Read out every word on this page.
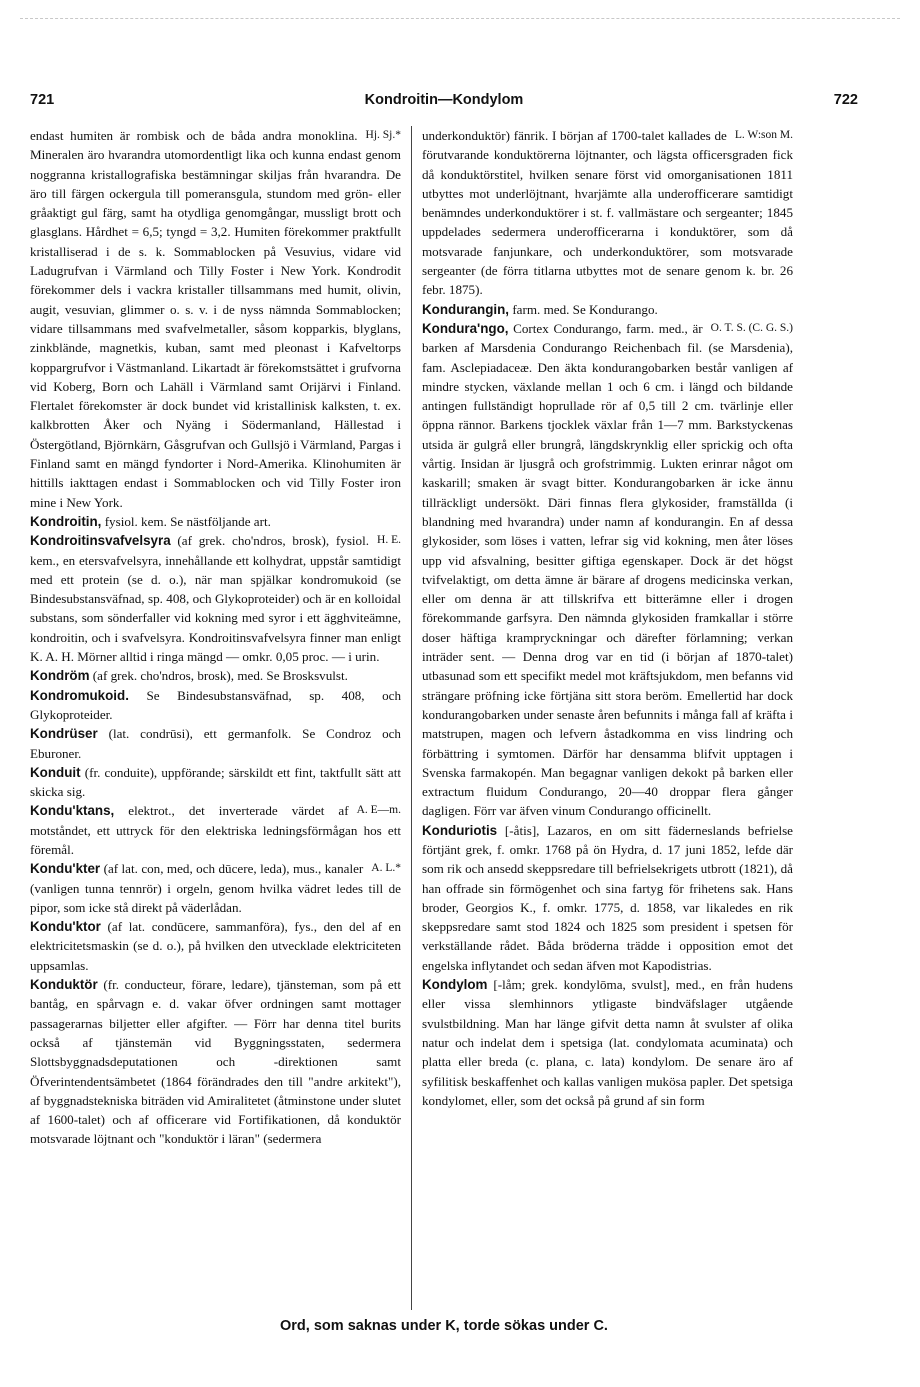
721	Kondroitin—Kondylom	722

Hj. Sj.*
endast humiten är rombisk och de båda andra monoklina. Mineralen äro hvarandra utomordentligt lika och kunna endast genom noggranna kristallografiska bestämningar skiljas från hvarandra. De äro till färgen ockergula till pomeransgula, stundom med grön- eller gråaktigt gul färg, samt ha otydliga genomgångar, mussligt brott och glasglans. Hårdhet = 6,5; tyngd = 3,2. Humiten förekommer praktfullt kristalliserad i de s. k. Sommablocken på Vesuvius, vidare vid Ladugrufvan i Värmland och Tilly Foster i New York. Kondrodit förekommer dels i vackra kristaller tillsammans med humit, olivin, augit, vesuvian, glimmer o. s. v. i de nyss nämnda Sommablocken; vidare tillsammans med svafvelmetaller, såsom kopparkis, blyglans, zinkblände, magnetkis, kuban, samt med pleonast i Kafveltorps koppargrufvor i Västmanland. Likartadt är förekomstsättet i grufvorna vid Koberg, Born och Lahäll i Värmland samt Orijärvi i Finland. Flertalet förekomster är dock bundet vid kristallinisk kalksten, t. ex. kalkbrotten Åker och Nyäng i Södermanland, Hällestad i Östergötland, Björnkärn, Gåsgrufvan och Gullsjö i Värmland, Pargas i Finland samt en mängd fyndorter i Nord-Amerika. Klinohumiten är hittills iakttagen endast i Sommablocken och vid Tilly Foster iron mine i New York.

Kondroitin, fysiol. kem. Se nästföljande art.

H. E.
Kondroitinsvafvelsyra (af grek. cho'ndros, brosk), fysiol. kem., en etersvafvelsyra, innehållande ett kolhydrat, uppstår samtidigt med ett protein (se d. o.), när man spjälkar kondromukoid (se Bindesubstansväfnad, sp. 408, och Glykoproteider) och är en kolloidal substans, som sönderfaller vid kokning med syror i ett ägghviteämne, kondroitin, och i svafvelsyra. Kondroitinsvafvelsyra finner man enligt K. A. H. Mörner alltid i ringa mängd — omkr. 0,05 proc. — i urin.

Kondröm (af grek. cho'ndros, brosk), med. Se Brosksvulst.

Kondromukoid. Se Bindesubstansväfnad, sp. 408, och Glykoproteider.

Kondrüser (lat. condrūsi), ett germanfolk. Se Condroz och Eburoner.

Konduit (fr. conduite), uppförande; särskildt ett fint, taktfullt sätt att skicka sig.

A. E—m.
Kondu'ktans, elektrot., det inverterade värdet af motståndet, ett uttryck för den elektriska ledningsförmågan hos ett föremål.

A. L.*
Kondu'kter (af lat. con, med, och dūcere, leda), mus., kanaler (vanligen tunna tennrör) i orgeln, genom hvilka vädret ledes till de pipor, som icke stå direkt på väderlådan.

Kondu'ktor (af lat. condūcere, sammanföra), fys., den del af en elektricitetsmaskin (se d. o.), på hvilken den utvecklade elektriciteten uppsamlas.

Konduktör (fr. conducteur, förare, ledare), tjänsteman, som på ett bantåg, en spårvagn e. d. vakar öfver ordningen samt mottager passagerarnas biljetter eller afgifter. — Förr har denna titel burits också af tjänstemän vid Byggningsstaten, sedermera Slottsbyggnadsdeputationen och -direktionen samt Öfverintendentsämbetet (1864 förändrades den till "andre arkitekt"), af byggnadstekniska biträden vid Amiralitetet (åtminstone under slutet af 1600-talet) och af officerare vid Fortifikationen, då konduktör motsvarade löjtnant och "konduktör i läran" (sedermera

L. W:son M.
underkonduktör) fänrik. I början af 1700-talet kallades de förutvarande konduktörerna löjtnanter, och lägsta officersgraden fick då konduktörstitel, hvilken senare först vid omorganisationen 1811 utbyttes mot underlöjtnant, hvarjämte alla underofficerare samtidigt benämndes underkonduktörer i st. f. vallmästare och sergeanter; 1845 uppdelades sedermera underofficerarna i konduktörer, som då motsvarade fanjunkare, och underkonduktörer, som motsvarade sergeanter (de förra titlarna utbyttes mot de senare genom k. br. 26 febr. 1875).

Kondurangin, farm. med. Se Kondurango.

O. T. S. (C. G. S.)
Kondura'ngo, Cortex Condurango, farm. med., är barken af Marsdenia Condurango Reichenbach fil. (se Marsdenia), fam. Asclepiadaceæ. Den äkta kondurangobarken består vanligen af mindre stycken, växlande mellan 1 och 6 cm. i längd och bildande antingen fullständigt hoprullade rör af 0,5 till 2 cm. tvärlinje eller öppna rännor. Barkens tjocklek växlar från 1—7 mm. Barkstyckenas utsida är gulgrå eller brungrå, längdskrynklig eller sprickig och ofta vårtig. Insidan är ljusgrå och grofstrimmig. Lukten erinrar något om kaskarill; smaken är svagt bitter. Kondurangobarken är icke ännu tillräckligt undersökt. Däri finnas flera glykosider, framställda (i blandning med hvarandra) under namn af kondurangin. En af dessa glykosider, som löses i vatten, lefrar sig vid kokning, men åter löses upp vid afsvalning, besitter giftiga egenskaper. Dock är det högst tvifvelaktigt, om detta ämne är bärare af drogens medicinska verkan, eller om denna är att tillskrifva ett bitterämne eller i drogen förekommande garfsyra. Den nämnda glykosiden framkallar i större doser häftiga krampryckningar och därefter förlamning; verkan inträder sent. — Denna drog var en tid (i början af 1870-talet) utbasunad som ett specifikt medel mot kräftsjukdom, men befanns vid strängare pröfning icke förtjäna sitt stora beröm. Emellertid har dock kondurangobarken under senaste åren befunnits i många fall af kräfta i matstrupen, magen och lefvern åstadkomma en viss lindring och förbättring i symtomen. Därför har densamma blifvit upptagen i Svenska farmakopén. Man begagnar vanligen dekokt på barken eller extractum fluidum Condurango, 20—40 droppar flera gånger dagligen. Förr var äfven vinum Condurango officinellt.

Konduriotis [-åtis], Lazaros, en om sitt fäderneslands befrielse förtjänt grek, f. omkr. 1768 på ön Hydra, d. 17 juni 1852, lefde där som rik och ansedd skeppsredare till befrielsekrigets utbrott (1821), då han offrade sin förmögenhet och sina fartyg för frihetens sak. Hans broder, Georgios K., f. omkr. 1775, d. 1858, var likaledes en rik skeppsredare samt stod 1824 och 1825 som president i spetsen för verkställande rådet. Båda bröderna trädde i opposition emot det engelska inflytandet och sedan äfven mot Kapodistrias.

Kondylom [-låm; grek. kondylōma, svulst], med., en från hudens eller vissa slemhinnors ytligaste bindväfslager utgående svulstbildning. Man har länge gifvit detta namn åt svulster af olika natur och indelat dem i spetsiga (lat. condylomata acuminata) och platta eller breda (c. plana, c. lata) kondylom. De senare äro af syfilitisk beskaffenhet och kallas vanligen mukösa papler. Det spetsiga kondylomet, eller, som det också på grund af sin form

Ord, som saknas under K, torde sökas under C.
